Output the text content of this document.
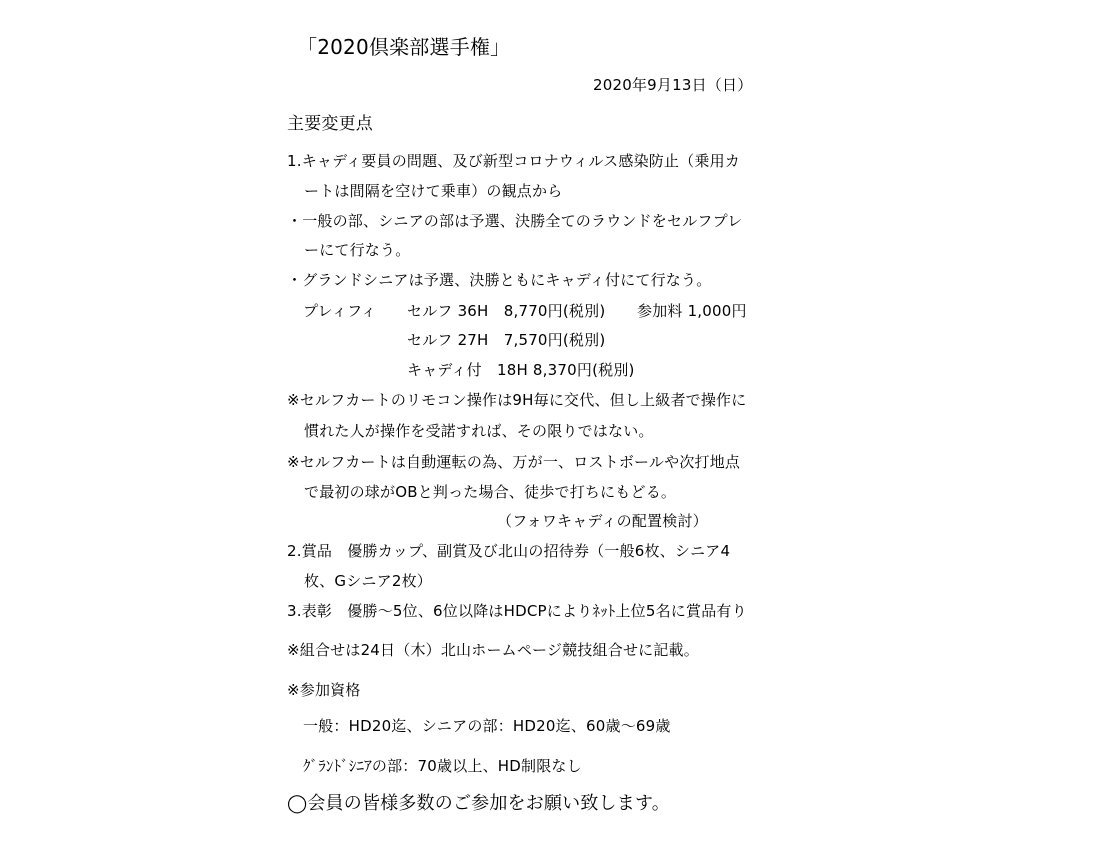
「2020倶楽部選手権」
2020年9月13日（日）
主要変更点
1.キャディ要員の問題、及び新型コロナウィルス感染防止（乗用カ
ートは間隔を空けて乗車）の観点から
・一般の部、シニアの部は予選、決勝全てのラウンドをセルフプレ
ーにて行なう。
・グランドシニアは予選、決勝ともにキャディ付にて行なう。
プレィフィ セルフ 36H　8,770円(税別) 参加料 1,000円
セルフ 27H　7,570円(税別)
キャディ付　18H 8,370円(税別)
※セルフカートのリモコン操作は9H毎に交代、但し上級者で操作に
慣れた人が操作を受諾すれば、その限りではない。
※セルフカートは自動運転の為、万が一、ロストボールや次打地点
で最初の球がOBと判った場合、徒歩で打ちにもどる。
（フォワキャディの配置検討）
2.賞品　優勝カップ、副賞及び北山の招待券（一般6枚、シニア4
枚、Gシニア2枚）
3.表彰　優勝～5位、6位以降はHDCPによりﾈｯﾄ上位5名に賞品有り
※組合せは24日（木）北山ホームページ競技組合せに記載。
※参加資格
一般：HD20迄、シニアの部：HD20迄、60歳～69歳
ｸﾞﾗﾝﾄﾞｼﾆｱの部：70歳以上、HD制限なし
◯会員の皆様多数のご参加をお願い致します。
